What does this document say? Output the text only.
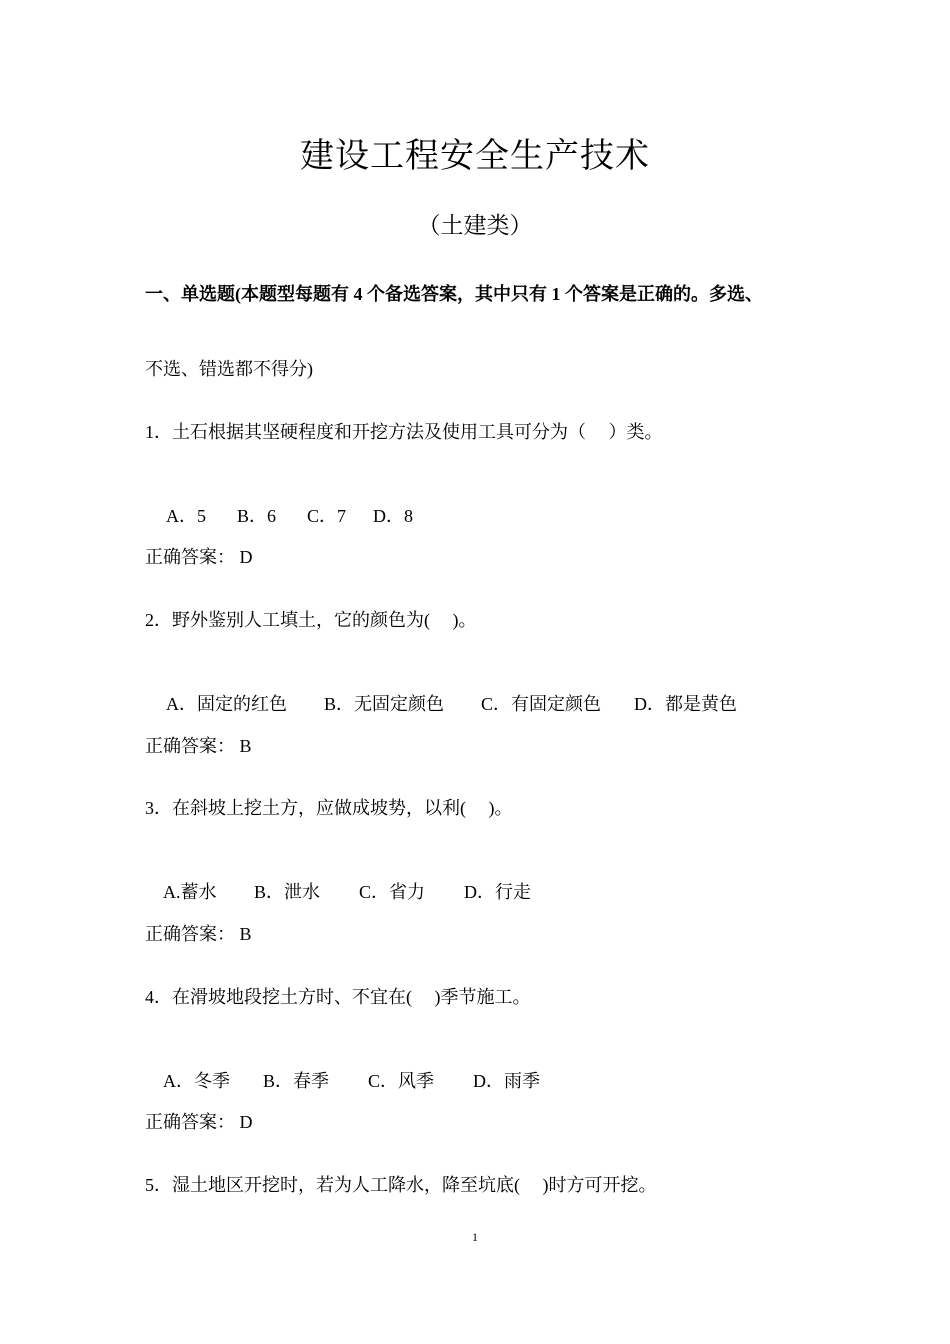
建设工程安全生产技术
（土建类）
一、单选题(本题型每题有 4 个备选答案，其中只有 1 个答案是正确的。多选、
不选、错选都不得分)
1．土石根据其坚硬程度和开挖方法及使用工具可分为（　 ）类。

A．5 B．6 C．7 D．8

正确答案： D
2．野外鉴别人工填土，它的颜色为(　 )。

A．固定的红色 B．无固定颜色 C．有固定颜色 D．都是黄色

正确答案： B
3．在斜坡上挖土方，应做成坡势，以利(　 )。

A.蓄水 B．泄水 C．省力 D．行走

正确答案： B
4．在滑坡地段挖土方时、不宜在(　 )季节施工。

A．冬季 B．春季 C．风季 D．雨季

正确答案： D
5．湿土地区开挖时，若为人工降水，降至坑底(　 )时方可开挖。
1
